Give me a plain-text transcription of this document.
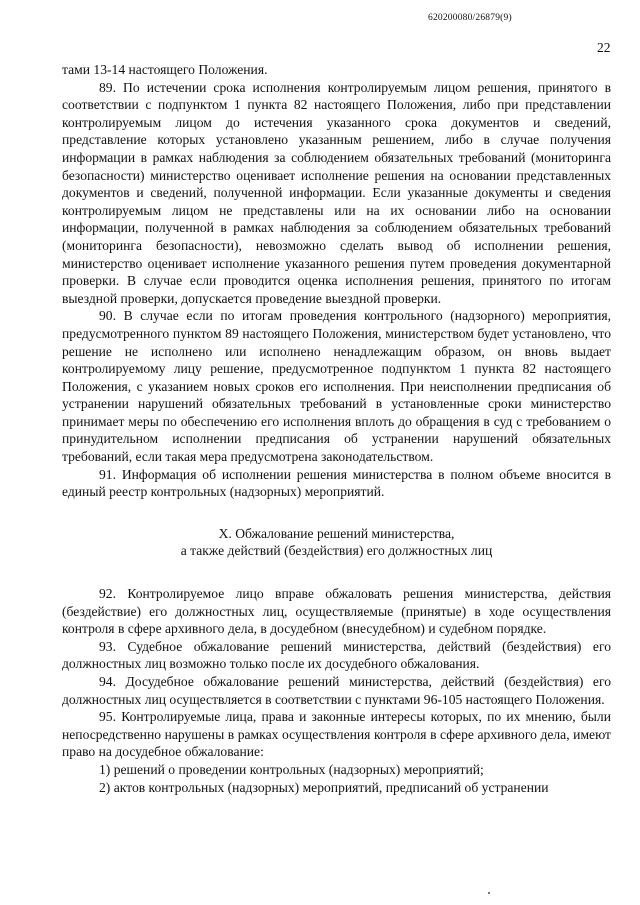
620200080/26879(9)
22
тами 13-14 настоящего Положения.
89. По истечении срока исполнения контролируемым лицом решения, принятого в соответствии с подпунктом 1 пункта 82 настоящего Положения, либо при представлении контролируемым лицом до истечения указанного срока документов и сведений, представление которых установлено указанным решением, либо в случае получения информации в рамках наблюдения за соблюдением обязательных требований (мониторинга безопасности) министерство оценивает исполнение решения на основании представленных документов и сведений, полученной информации. Если указанные документы и сведения контролируемым лицом не представлены или на их основании либо на основании информации, полученной в рамках наблюдения за соблюдением обязательных требований (мониторинга безопасности), невозможно сделать вывод об исполнении решения, министерство оценивает исполнение указанного решения путем проведения документарной проверки. В случае если проводится оценка исполнения решения, принятого по итогам выездной проверки, допускается проведение выездной проверки.
90. В случае если по итогам проведения контрольного (надзорного) мероприятия, предусмотренного пунктом 89 настоящего Положения, министерством будет установлено, что решение не исполнено или исполнено ненадлежащим образом, он вновь выдает контролируемому лицу решение, предусмотренное подпунктом 1 пункта 82 настоящего Положения, с указанием новых сроков его исполнения. При неисполнении предписания об устранении нарушений обязательных требований в установленные сроки министерство принимает меры по обеспечению его исполнения вплоть до обращения в суд с требованием о принудительном исполнении предписания об устранении нарушений обязательных требований, если такая мера предусмотрена законодательством.
91. Информация об исполнении решения министерства в полном объеме вносится в единый реестр контрольных (надзорных) мероприятий.
X. Обжалование решений министерства,
а также действий (бездействия) его должностных лиц
92. Контролируемое лицо вправе обжаловать решения министерства, действия (бездействие) его должностных лиц, осуществляемые (принятые) в ходе осуществления контроля в сфере архивного дела, в досудебном (внесудебном) и судебном порядке.
93. Судебное обжалование решений министерства, действий (бездействия) его должностных лиц возможно только после их досудебного обжалования.
94. Досудебное обжалование решений министерства, действий (бездействия) его должностных лиц осуществляется в соответствии с пунктами 96-105 настоящего Положения.
95. Контролируемые лица, права и законные интересы которых, по их мнению, были непосредственно нарушены в рамках осуществления контроля в сфере архивного дела, имеют право на досудебное обжалование:
1) решений о проведении контрольных (надзорных) мероприятий;
2) актов контрольных (надзорных) мероприятий, предписаний об устранении
